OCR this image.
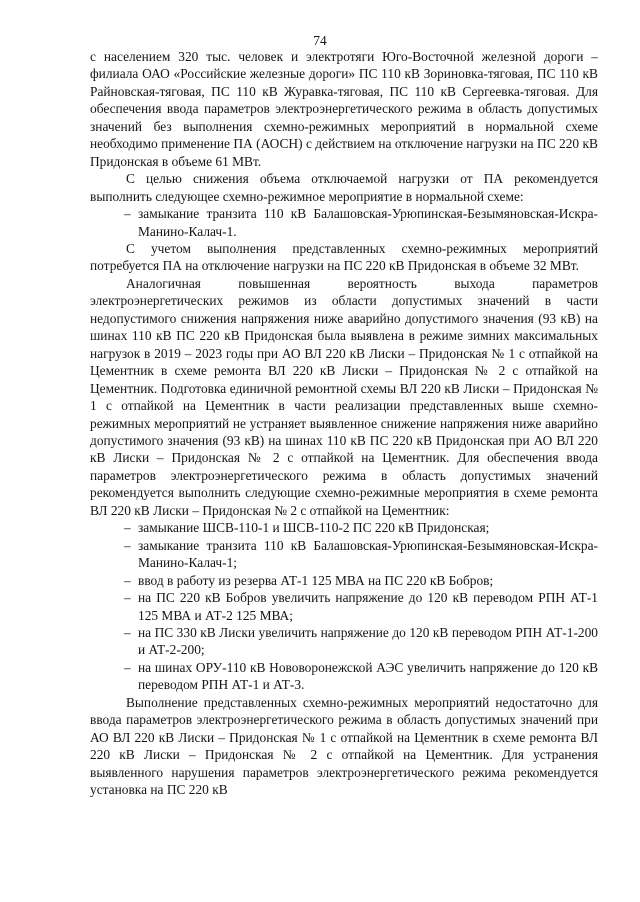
74

с населением 320 тыс. человек и электротяги Юго-Восточной железной дороги – филиала ОАО «Российские железные дороги» ПС 110 кВ Зориновка-тяговая, ПС 110 кВ Райновская-тяговая, ПС 110 кВ Журавка-тяговая, ПС 110 кВ Сергеевка-тяговая. Для обеспечения ввода параметров электроэнергетического режима в область допустимых значений без выполнения схемно-режимных мероприятий в нормальной схеме необходимо применение ПА (АОСН) с действием на отключение нагрузки на ПС 220 кВ Придонская в объеме 61 МВт.

С целью снижения объема отключаемой нагрузки от ПА рекомендуется выполнить следующее схемно-режимное мероприятие в нормальной схеме:

– замыкание транзита 110 кВ Балашовская-Урюпинская-Безымяновская-Искра-Манино-Калач-1.

С учетом выполнения представленных схемно-режимных мероприятий потребуется ПА на отключение нагрузки на ПС 220 кВ Придонская в объеме 32 МВт.

Аналогичная повышенная вероятность выхода параметров электроэнергетических режимов из области допустимых значений в части недопустимого снижения напряжения ниже аварийно допустимого значения (93 кВ) на шинах 110 кВ ПС 220 кВ Придонская была выявлена в режиме зимних максимальных нагрузок в 2019 – 2023 годы при АО ВЛ 220 кВ Лиски – Придонская № 1 с отпайкой на Цементник в схеме ремонта ВЛ 220 кВ Лиски – Придонская № 2 с отпайкой на Цементник. Подготовка единичной ремонтной схемы ВЛ 220 кВ Лиски – Придонская № 1 с отпайкой на Цементник в части реализации представленных выше схемно-режимных мероприятий не устраняет выявленное снижение напряжения ниже аварийно допустимого значения (93 кВ) на шинах 110 кВ ПС 220 кВ Придонская при АО ВЛ 220 кВ Лиски – Придонская № 2 с отпайкой на Цементник. Для обеспечения ввода параметров электроэнергетического режима в область допустимых значений рекомендуется выполнить следующие схемно-режимные мероприятия в схеме ремонта ВЛ 220 кВ Лиски – Придонская № 2 с отпайкой на Цементник:

– замыкание ШСВ-110-1 и ШСВ-110-2 ПС 220 кВ Придонская;
– замыкание транзита 110 кВ Балашовская-Урюпинская-Безымяновская-Искра-Манино-Калач-1;
– ввод в работу из резерва АТ-1 125 МВА на ПС 220 кВ Бобров;
– на ПС 220 кВ Бобров увеличить напряжение до 120 кВ переводом РПН АТ-1 125 МВА и АТ-2 125 МВА;
– на ПС 330 кВ Лиски увеличить напряжение до 120 кВ переводом РПН АТ-1-200 и АТ-2-200;
– на шинах ОРУ-110 кВ Нововоронежской АЭС увеличить напряжение до 120 кВ переводом РПН АТ-1 и АТ-3.

Выполнение представленных схемно-режимных мероприятий недостаточно для ввода параметров электроэнергетического режима в область допустимых значений при АО ВЛ 220 кВ Лиски – Придонская № 1 с отпайкой на Цементник в схеме ремонта ВЛ 220 кВ Лиски – Придонская № 2 с отпайкой на Цементник. Для устранения выявленного нарушения параметров электроэнергетического режима рекомендуется установка на ПС 220 кВ
